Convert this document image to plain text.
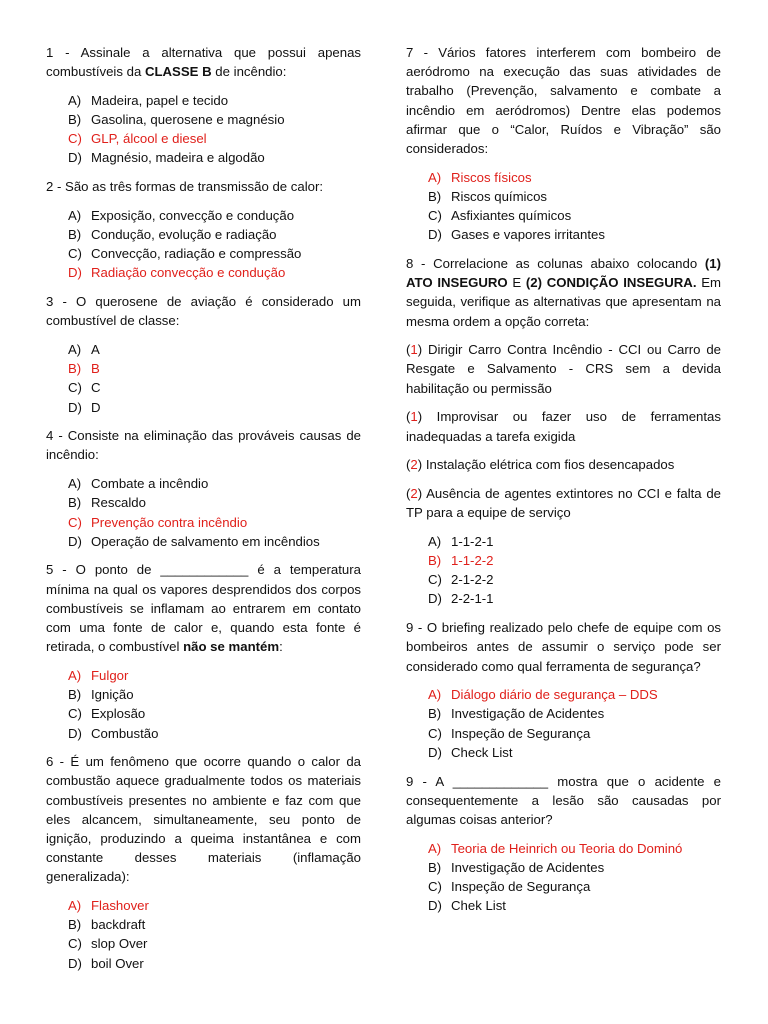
1 - Assinale a alternativa que possui apenas combustíveis da CLASSE B de incêndio:

A) Madeira, papel e tecido
B) Gasolina, querosene e magnésio
C) GLP, álcool e diesel
D) Magnésio, madeira e algodão

2 - São as três formas de transmissão de calor:

A) Exposição, convecção e condução
B) Condução, evolução e radiação
C) Convecção, radiação e compressão
D) Radiação convecção e condução

3 - O querosene de aviação é considerado um combustível de classe:

A) A
B) B
C) C
D) D

4 - Consiste na eliminação das prováveis causas de incêndio:

A) Combate a incêndio
B) Rescaldo
C) Prevenção contra incêndio
D) Operação de salvamento em incêndios

5 - O ponto de ____________ é a temperatura mínima na qual os vapores desprendidos dos corpos combustíveis se inflamam ao entrarem em contato com uma fonte de calor e, quando esta fonte é retirada, o combustível não se mantém:

A) Fulgor
B) Ignição
C) Explosão
D) Combustão

6 - É um fenômeno que ocorre quando o calor da combustão aquece gradualmente todos os materiais combustíveis presentes no ambiente e faz com que eles alcancem, simultaneamente, seu ponto de ignição, produzindo a queima instantânea e com constante desses materiais (inflamação generalizada):

A) Flashover
B) backdraft
C) slop Over
D) boil Over

7 - Vários fatores interferem com bombeiro de aeródromo na execução das suas atividades de trabalho (Prevenção, salvamento e combate a incêndio em aeródromos) Dentre elas podemos afirmar que o “Calor, Ruídos e Vibração” são considerados:

A) Riscos físicos
B) Riscos químicos
C) Asfixiantes químicos
D) Gases e vapores irritantes

8 - Correlacione as colunas abaixo colocando (1) ATO INSEGURO E (2) CONDIÇÃO INSEGURA. Em seguida, verifique as alternativas que apresentam na mesma ordem a opção correta:

(1) Dirigir Carro Contra Incêndio - CCI ou Carro de Resgate e Salvamento - CRS sem a devida habilitação ou permissão

(1) Improvisar ou fazer uso de ferramentas inadequadas a tarefa exigida

(2) Instalação elétrica com fios desencapados

(2) Ausência de agentes extintores no CCI e falta de TP para a equipe de serviço

A) 1-1-2-1
B) 1-1-2-2
C) 2-1-2-2
D) 2-2-1-1

9 - O briefing realizado pelo chefe de equipe com os bombeiros antes de assumir o serviço pode ser considerado como qual ferramenta de segurança?

A) Diálogo diário de segurança – DDS
B) Investigação de Acidentes
C) Inspeção de Segurança
D) Check List

9 - A _____________ mostra que o acidente e consequentemente a lesão são causadas por algumas coisas anterior?

A) Teoria de Heinrich ou Teoria do Dominó
B) Investigação de Acidentes
C) Inspeção de Segurança
D) Chek List
